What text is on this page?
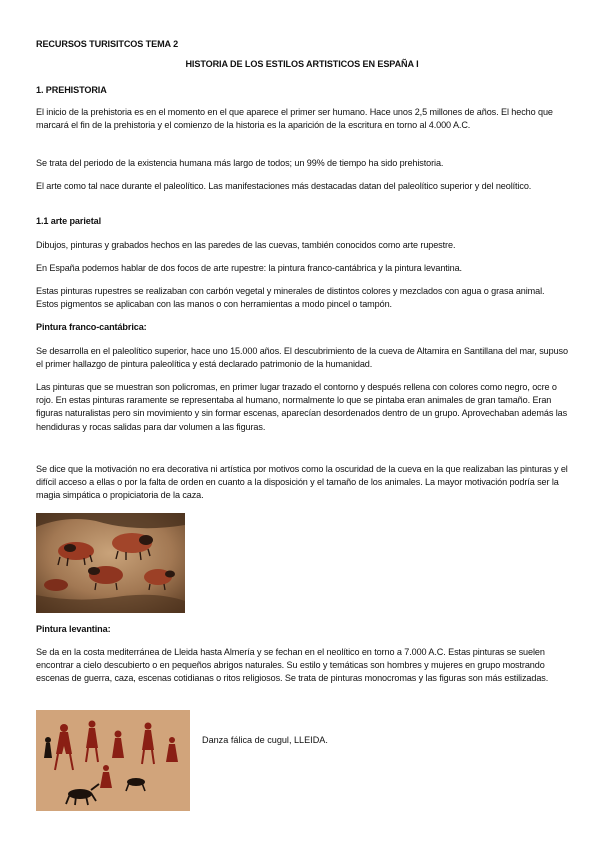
RECURSOS TURISITCOS TEMA 2

HISTORIA DE LOS ESTILOS ARTISTICOS EN ESPAÑA I

1. PREHISTORIA

El inicio de la prehistoria es en el momento en el que aparece el primer ser humano. Hace unos 2,5 millones de años. El hecho que marcará el fin de la prehistoria y el comienzo de la historia es la aparición de la escritura en torno al 4.000 A.C.

Se trata del periodo de la existencia humana más largo de todos; un 99% de tiempo ha sido prehistoria.

El arte como tal nace durante el paleolítico. Las manifestaciones más destacadas datan del paleolítico superior y del neolítico.

1.1 arte parietal

Dibujos, pinturas y grabados hechos en las paredes de las cuevas, también conocidos como arte rupestre.

En España podemos hablar de dos focos de arte rupestre: la pintura franco-cantábrica y la pintura levantina.

Estas pinturas rupestres se realizaban con carbón vegetal y minerales de distintos colores y mezclados con agua o grasa animal. Estos pigmentos se aplicaban con las manos o con herramientas a modo pincel o tampón.

Pintura franco-cantábrica:

Se desarrolla en el paleolítico superior, hace uno 15.000 años. El descubrimiento de la cueva de Altamira en Santillana del mar, supuso el primer hallazgo de pintura paleolítica y está declarado patrimonio de la humanidad.

Las pinturas que se muestran son policromas, en primer lugar trazado el contorno y después rellena con colores como negro, ocre o rojo. En estas pinturas raramente se representaba al humano, normalmente lo que se pintaba eran animales de gran tamaño. Eran figuras naturalistas pero sin movimiento y sin formar escenas, aparecían desordenados dentro de un grupo. Aprovechaban además las hendiduras y rocas salidas para dar volumen a las figuras.

Se dice que la motivación no era decorativa ni artística por motivos como la oscuridad de la cueva en la que realizaban las pinturas y el difícil acceso a ellas o por la falta de orden en cuanto a la disposición y el tamaño de los animales. La mayor motivación podría ser la magia simpática o propiciatoria de la caza.

Pintura levantina:

Se da en la costa mediterránea de Lleida hasta Almería y se fechan en el neolítico en torno a 7.000 A.C. Estas pinturas se suelen encontrar a cielo descubierto o en pequeños abrigos naturales. Su estilo y temáticas son hombres y mujeres en grupo mostrando escenas de guerra, caza, escenas cotidianas o ritos religiosos. Se trata de pinturas monocromas y las figuras son más estilizadas.

Danza fálica de cugul, LLEIDA.
